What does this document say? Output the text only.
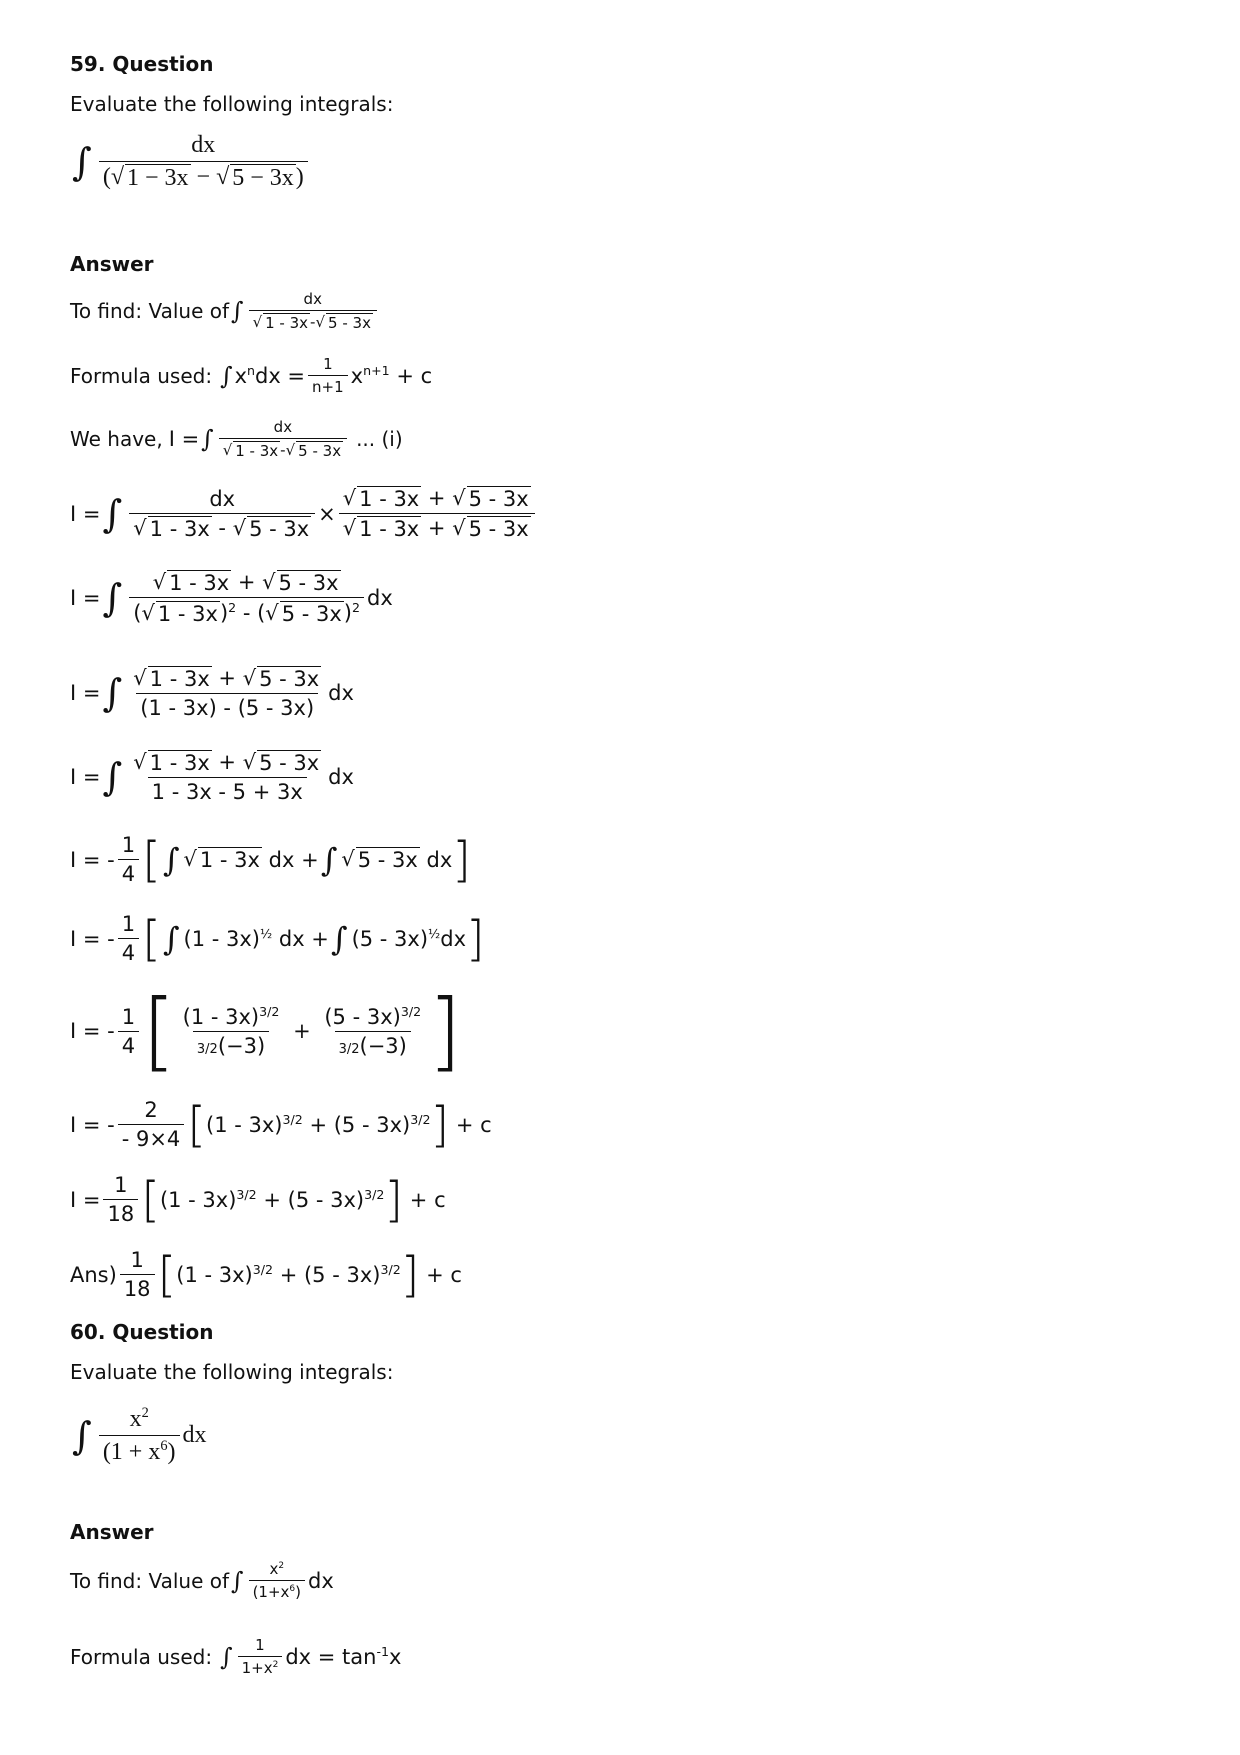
59. Question
Evaluate the following integrals:
∫ $\frac{dx}{( √ 1 - 3x - √ 5 - 3x )}$
Answer
To find: Value of ∫ $\frac{dx}{√ 1 - 3x - √ 5 - 3x}$
Formula used: ∫ $x^ndx = \frac{1}{n+1} x^{n+1} + c$
We have, I = ∫ $\frac{dx}{√ 1 - 3x - √ 5 - 3x}$ ... (i)
I = ∫ $\frac{dx}{√ 1 - 3x - √ 5 - 3x} \times \frac{√ 1 - 3x + √ 5 - 3x}{√ 1 - 3x + √ 5 - 3x}$
I = ∫ $\frac{√ 1 - 3x + √ 5 - 3x}{( √ 1 - 3x )^2 - ( √ 5 - 3x )^2}$ dx
I = ∫ $\frac{√ 1 - 3x + √ 5 - 3x}{(1 - 3x) - (5 - 3x)}$ dx
I = ∫ $\frac{√ 1 - 3x + √ 5 - 3x}{1 - 3x - 5 + 3x}$ dx
I = - $\frac{1}{4}$ [ ∫ √ 1 - 3x dx + ∫ √ 5 - 3x dx ]
I = - $\frac{1}{4}$ [ ∫ (1 - 3x)$^{\frac{1}{2}}$ dx + ∫ (5 - 3x)$^{\frac{1}{2}}$dx ]
I = - $\frac{1}{4}$ [ $\frac{(1 - 3x)^{3/2}}{3/2(-3)} + \frac{(5 - 3x)^{3/2}}{3/2(-3)}$ ]
I = - $\frac{2}{- 9\times 4}$ [ (1 - 3x)$^{3/2}$ + (5 - 3x)$^{3/2}$ ] + c
$I = \frac{1}{18}$ [ (1 - 3x)$^{3/2}$ + (5 - 3x)$^{3/2}$ ] + c
$Ans) \frac{1}{18}$ [ (1 - 3x)$^{3/2}$ + (5 - 3x)$^{3/2}$ ] + c
60. Question
Evaluate the following integrals:
∫ $\frac{x^2}{(1 + x^6)}$ dx
Answer
To find: Value of ∫ $\frac{x^2}{(1+x^6)}$ dx
Formula used: ∫ $\frac{1}{1+x^2}$ dx = $\tan^{-1}x$
